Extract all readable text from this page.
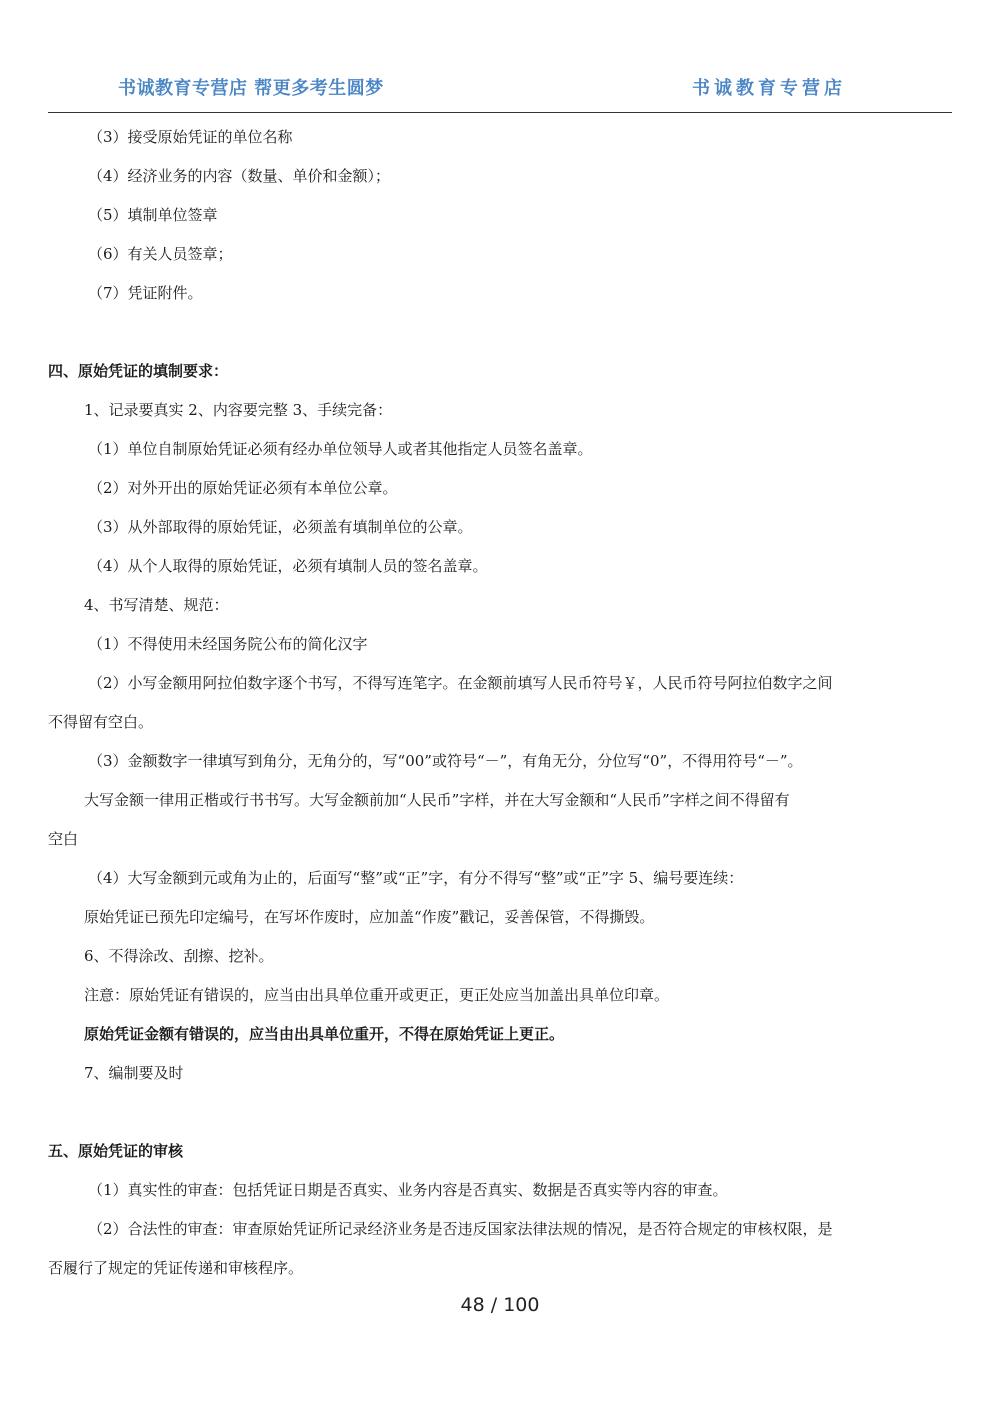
书诚教育专营店 帮更多考生圆梦	书诚教育专营店
（3）接受原始凭证的单位名称
（4）经济业务的内容（数量、单价和金额）；
（5）填制单位签章
（6）有关人员签章；
（7）凭证附件。
四、原始凭证的填制要求：
1、记录要真实 2、内容要完整 3、手续完备：
（1）单位自制原始凭证必须有经办单位领导人或者其他指定人员签名盖章。
（2）对外开出的原始凭证必须有本单位公章。
（3）从外部取得的原始凭证，必须盖有填制单位的公章。
（4）从个人取得的原始凭证，必须有填制人员的签名盖章。
4、书写清楚、规范：
（1）不得使用未经国务院公布的简化汉字
（2）小写金额用阿拉伯数字逐个书写，不得写连笔字。在金额前填写人民币符号￥，人民币符号阿拉伯数字之间
不得留有空白。
（3）金额数字一律填写到角分，无角分的，写“00”或符号“－”，有角无分，分位写“0”，不得用符号“－”。
大写金额一律用正楷或行书书写。大写金额前加“人民币”字样，并在大写金额和“人民币”字样之间不得留有
空白
（4）大写金额到元或角为止的，后面写“整”或“正”字，有分不得写“整”或“正”字 5、编号要连续：
原始凭证已预先印定编号，在写坏作废时，应加盖“作废”戳记，妥善保管，不得撕毁。
6、不得涂改、刮擦、挖补。
注意：原始凭证有错误的，应当由出具单位重开或更正，更正处应当加盖出具单位印章。
原始凭证金额有错误的，应当由出具单位重开，不得在原始凭证上更正。
7、编制要及时
五、原始凭证的审核
（1）真实性的审查：包括凭证日期是否真实、业务内容是否真实、数据是否真实等内容的审查。
（2）合法性的审查：审查原始凭证所记录经济业务是否违反国家法律法规的情况，是否符合规定的审核权限，是
否履行了规定的凭证传递和审核程序。
48 / 100
